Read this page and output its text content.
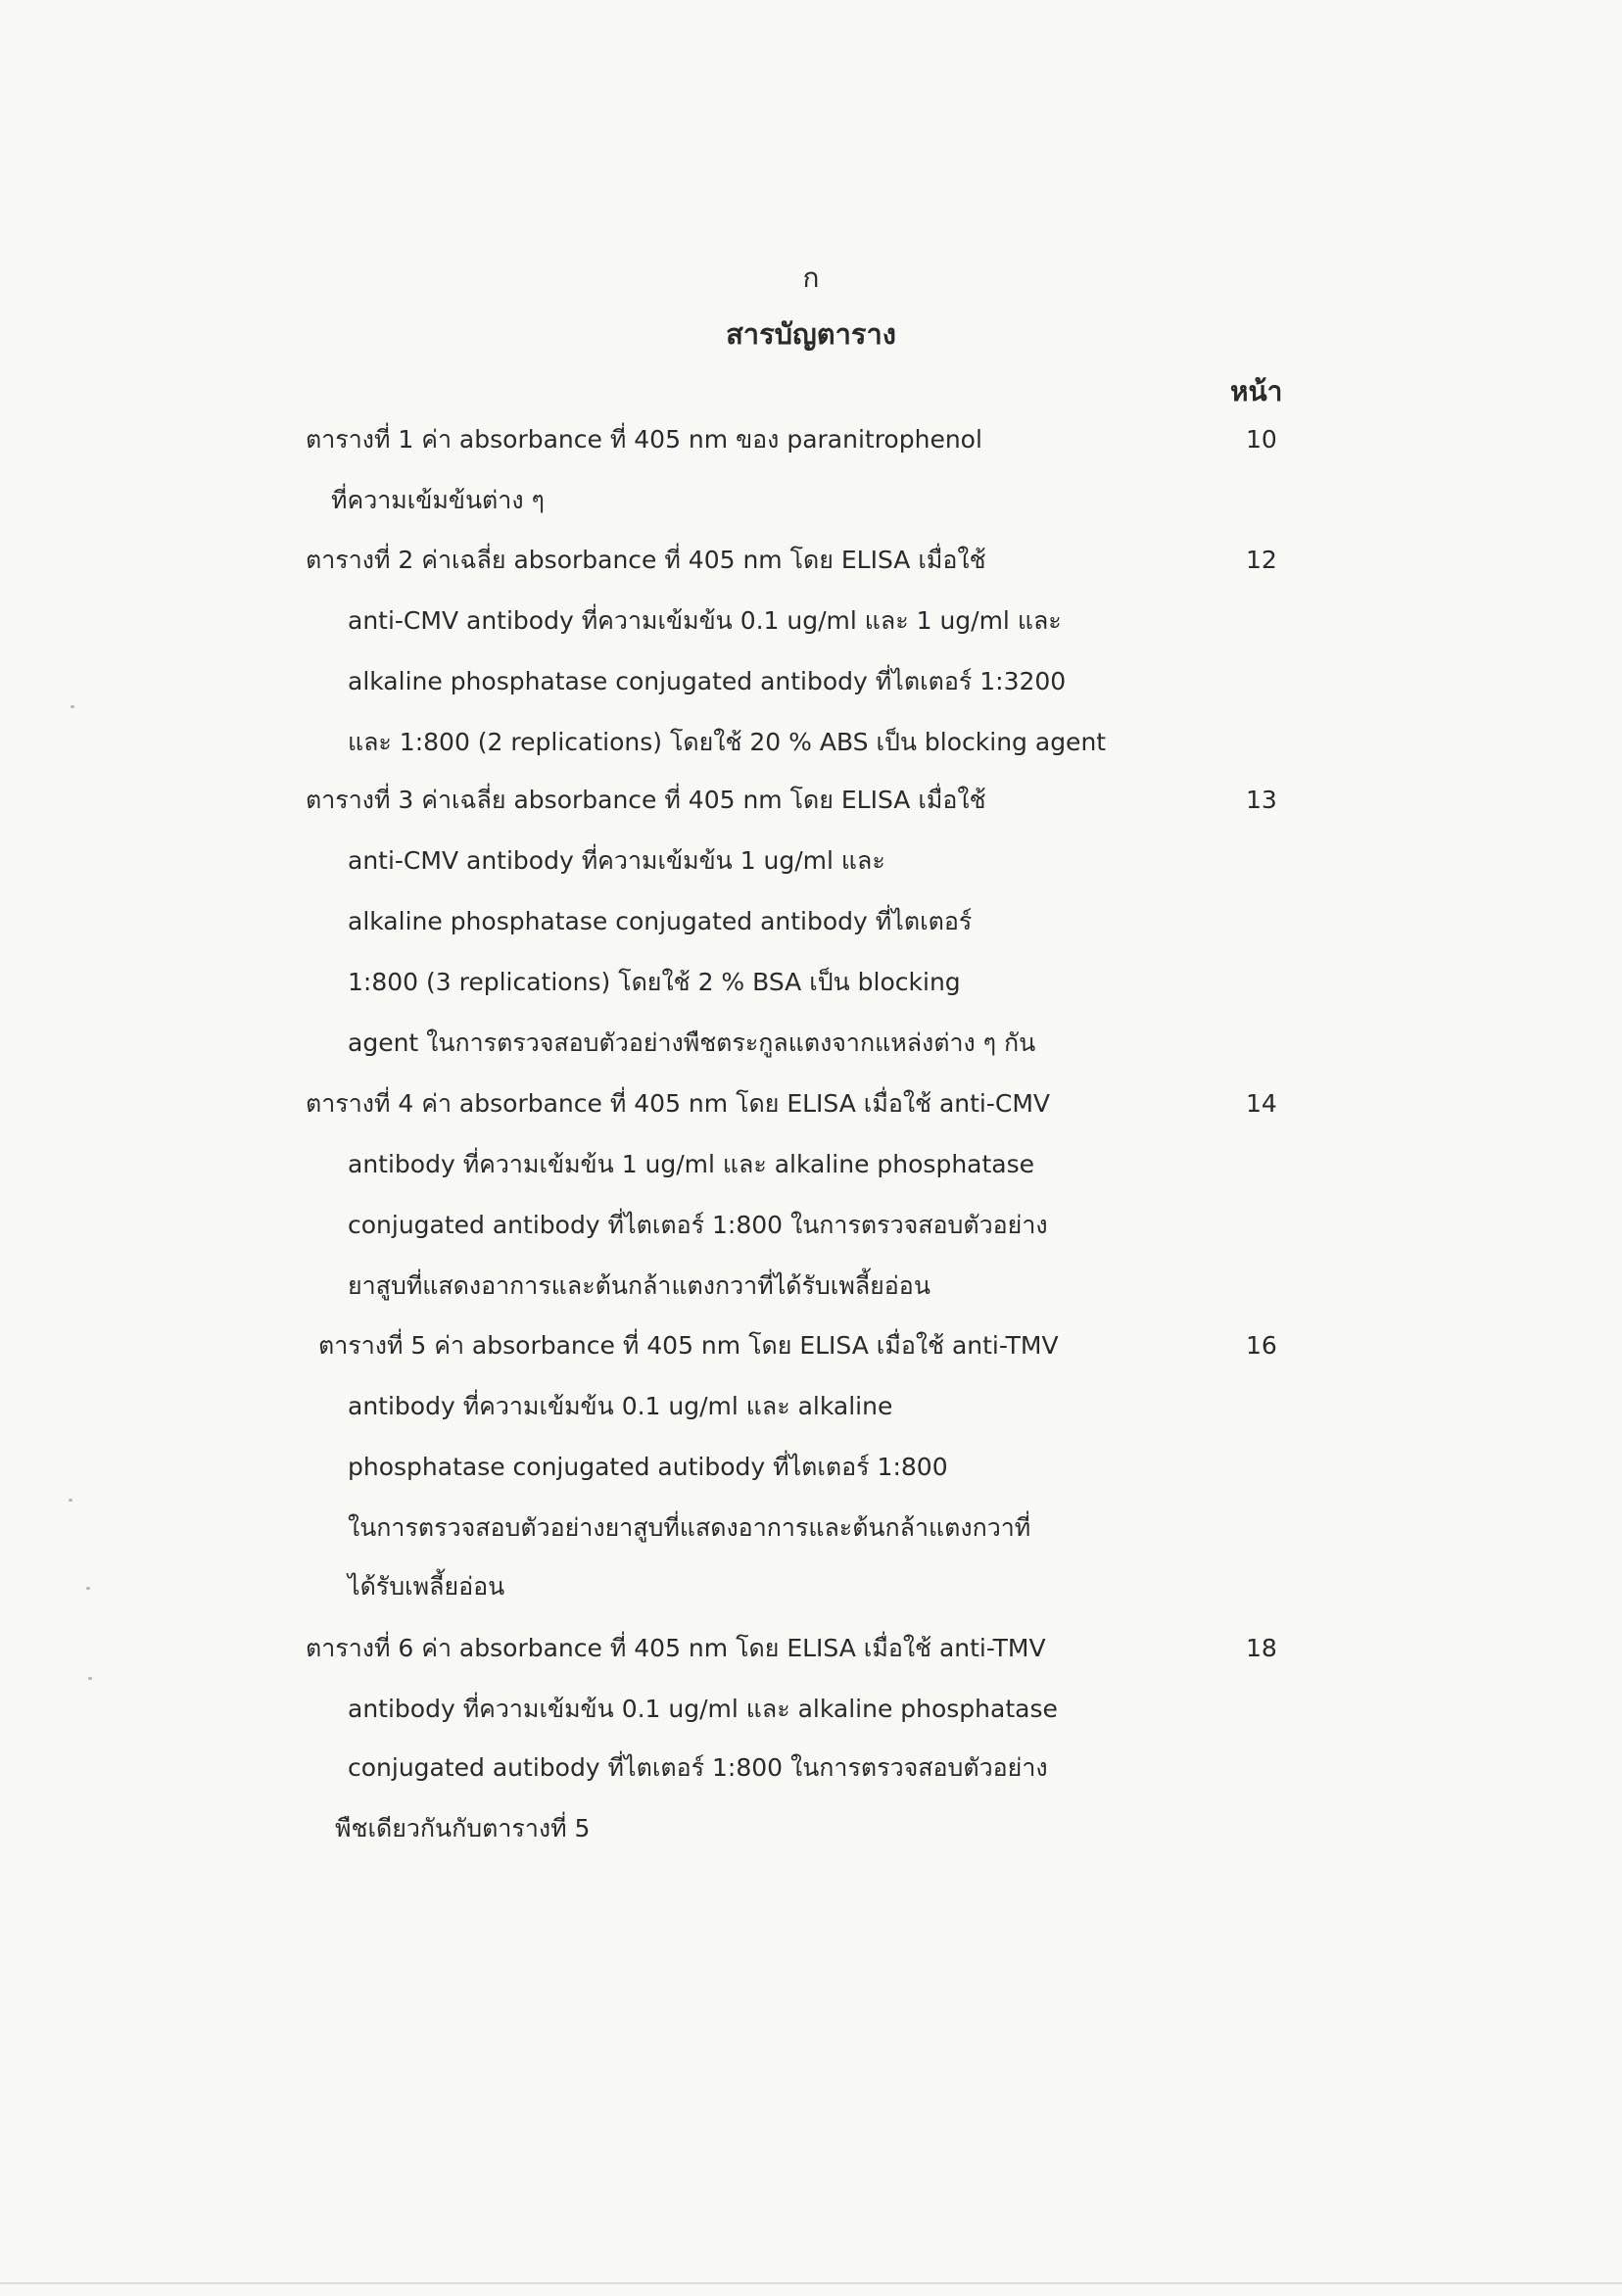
ก
สารบัญตาราง
หน้า
ตารางที่ 1 ค่า absorbance ที่ 405 nm ของ paranitrophenol
ที่ความเข้มข้นต่าง ๆ
10
ตารางที่ 2 ค่าเฉลี่ย absorbance ที่ 405 nm โดย ELISA เมื่อใช้
anti-CMV antibody ที่ความเข้มข้น 0.1 ug/ml และ 1 ug/ml และ
alkaline phosphatase conjugated antibody ที่ไตเตอร์ 1:3200
และ 1:800 (2 replications) โดยใช้ 20 % ABS เป็น blocking agent
12
ตารางที่ 3 ค่าเฉลี่ย absorbance ที่ 405 nm โดย ELISA เมื่อใช้
anti-CMV antibody ที่ความเข้มข้น 1 ug/ml และ
alkaline phosphatase conjugated antibody ที่ไตเตอร์
1:800 (3 replications) โดยใช้ 2 % BSA เป็น blocking
agent ในการตรวจสอบตัวอย่างพืชตระกูลแตงจากแหล่งต่าง ๆ กัน
13
ตารางที่ 4 ค่า absorbance ที่ 405 nm โดย ELISA เมื่อใช้ anti-CMV
antibody ที่ความเข้มข้น 1 ug/ml และ alkaline phosphatase
conjugated antibody ที่ไตเตอร์ 1:800 ในการตรวจสอบตัวอย่าง
ยาสูบที่แสดงอาการและต้นกล้าแตงกวาที่ได้รับเพลี้ยอ่อน
14
ตารางที่ 5 ค่า absorbance ที่ 405 nm โดย ELISA เมื่อใช้ anti-TMV
antibody ที่ความเข้มข้น 0.1 ug/ml และ alkaline
phosphatase conjugated autibody ที่ไตเตอร์ 1:800
ในการตรวจสอบตัวอย่างยาสูบที่แสดงอาการและต้นกล้าแตงกวาที่
ได้รับเพลี้ยอ่อน
16
ตารางที่ 6 ค่า absorbance ที่ 405 nm โดย ELISA เมื่อใช้ anti-TMV
antibody ที่ความเข้มข้น 0.1 ug/ml และ alkaline phosphatase
conjugated autibody ที่ไตเตอร์ 1:800 ในการตรวจสอบตัวอย่าง
พืชเดียวกันกับตารางที่ 5
18
